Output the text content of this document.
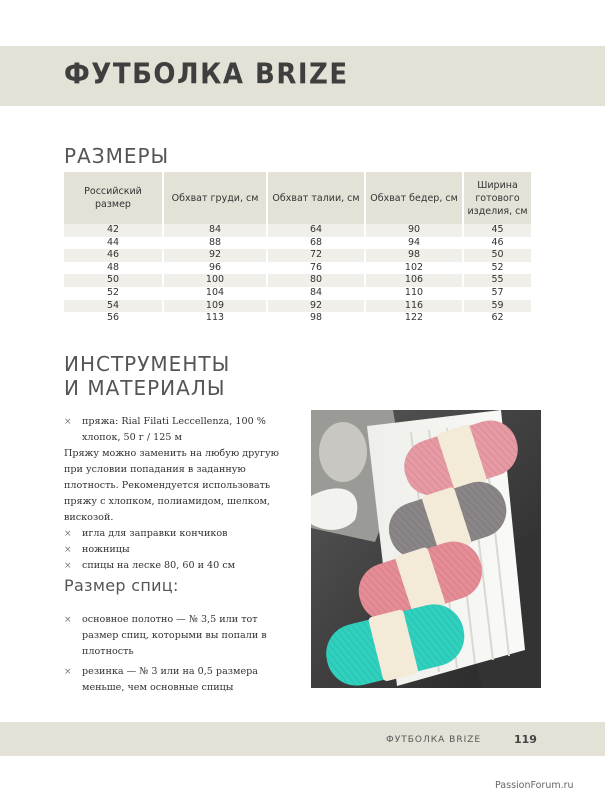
ФУТБОЛКА BRIZE
РАЗМЕРЫ
Российский размер	Обхват груди, см	Обхват талии, см	Обхват бедер, см	Ширина готового изделия, см
42	84	64	90	45
44	88	68	94	46
46	92	72	98	50
48	96	76	102	52
50	100	80	106	55
52	104	84	110	57
54	109	92	116	59
56	113	98	122	62
ИНСТРУМЕНТЫ
И МАТЕРИАЛЫ
× пряжа: Rial Filati Leccellenza, 100 % хлопок, 50 г / 125 м
Пряжу можно заменить на любую другую при условии попадания в заданную плотность. Рекомендуется использовать пряжу с хлопком, полиамидом, шелком, вискозой.
× игла для заправки кончиков
× ножницы
× спицы на леске 80, 60 и 40 см
Размер спиц:
× основное полотно — № 3,5 или тот размер спиц, которыми вы попали в плотность
× резинка — № 3 или на 0,5 размера меньше, чем основные спицы
ФУТБОЛКА BRIZE	119
PassionForum.ru
